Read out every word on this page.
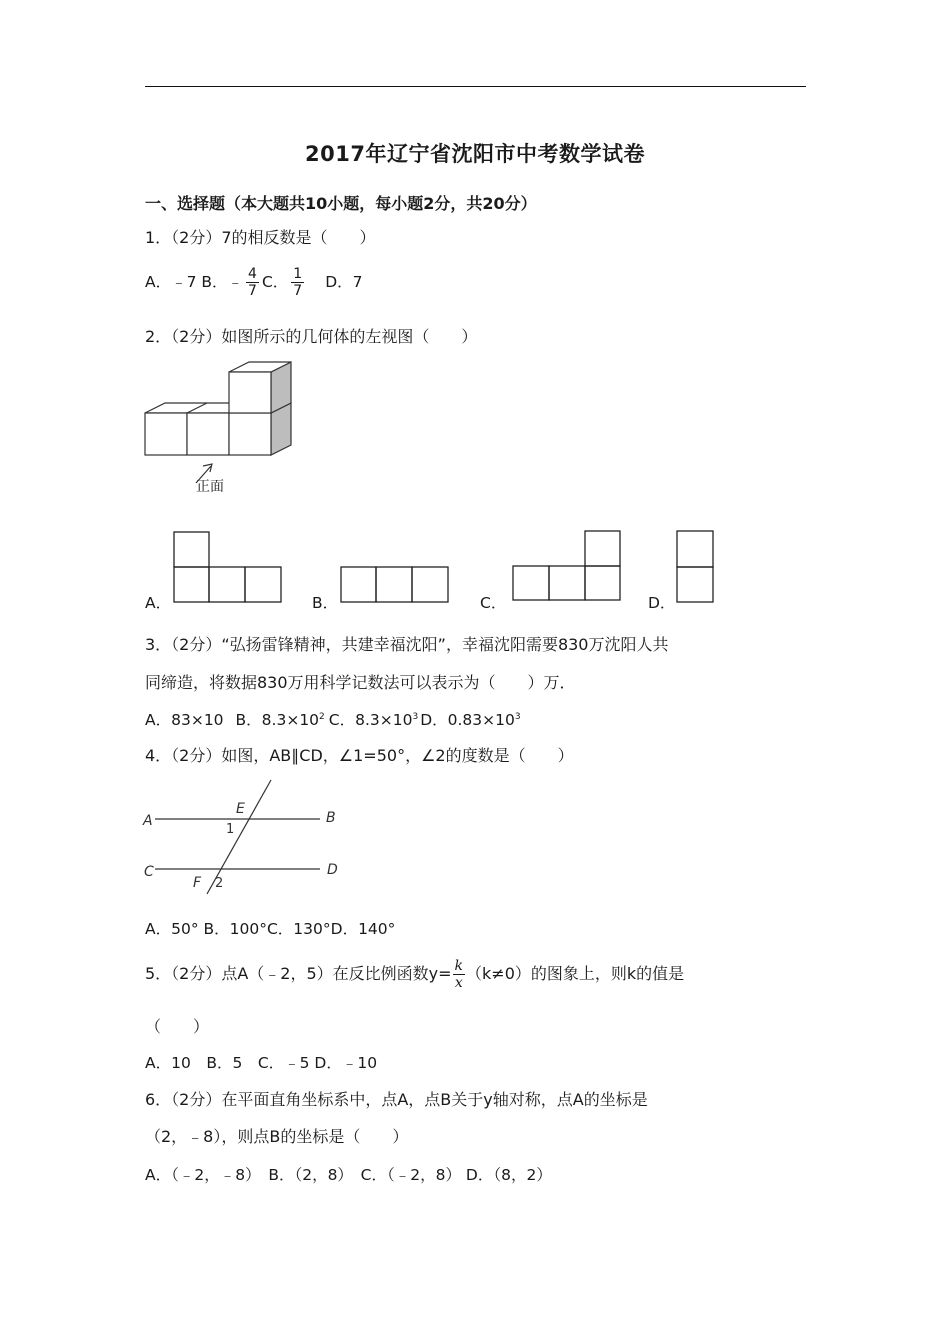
2017年辽宁省沈阳市中考数学试卷
一、选择题（本大题共10小题，每小题2分，共20分）
1．（2分）7的相反数是（　　）
A．﹣7 B．﹣ $\frac{4}{7}$ C． $\frac{1}{7}$ D．7
2．（2分）如图所示的几何体的左视图（　　）
正面
A．	B．	C．	D．
3．（2分）“弘扬雷锋精神，共建幸福沈阳”，幸福沈阳需要830万沈阳人共
同缔造，将数据830万用科学记数法可以表示为（　　）万．
A．83×10 B．$8.3\times 10^2$ C．$8.3\times 10^3$ D．$0.83\times 10^3$
4．（2分）如图，AB∥CD，∠1=50°，∠2的度数是（　　）
A	B
C	D
E
F
1
2
A．50° B．100°C．130°D．140°
5．（2分）点A（﹣2，5）在反比例函数$y= \frac{k}{x} (k\ne 0)$的图象上，则k的值是
（　　）
A．10　B．5　C．﹣5 D．﹣10
6．（2分）在平面直角坐标系中，点A，点B关于y轴对称，点A的坐标是
（2，﹣8），则点B的坐标是（　　）
A．（﹣2，﹣8）　B．（2，8）　C．（﹣2，8） D．（8，2）
